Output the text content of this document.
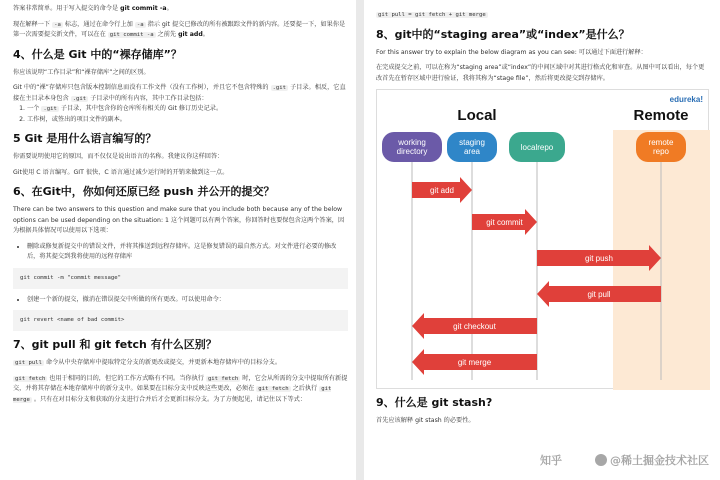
答案非常简单。用于写入提交的命令是 git commit -a。

现在解释一下 -a 标志，通过在命令行上加 -a 指示 git 提交已修改的所有被跟踪文件的新内容。还要提一下，如果你是第一次需要提交新文件，可以在在 git commit -a 之前先 git add。

4、什么是 Git 中的“裸存储库”？

你应该说明“工作目录”和“裸存储库”之间的区别。

Git 中的“裸”存储库只包含版本控制信息而没有工作文件（没有工作树），并且它不包含特殊的 .git 子目录。相反，它直接在主目录本身包含 .git 子目录中的所有内容，其中工作目录包括：

1. 一个 .git 子目录，其中包含你的仓库所有相关的 Git 修订历史记录。
2. 工作树，或签出的项目文件的副本。
5 Git 是用什么语言编写的？

你需要说明使用它的原因，而不仅仅是说出语言的名称。我建议你这样回答：

Git使用 C 语言编写。GIT 很快，C 语言通过减少运行时的开销来做到这一点。

6、在Git中，你如何还原已经 push 并公开的提交？

There can be two answers to this question and make sure that you include both because any of the below options can be used depending on the situation: 1 这个问题可以有两个答案，你回答时也要保包含这两个答案，因为根据具体情况可以使用以下选项：

• 删除或修复新提交中的错误文件，并将其推送到远程存储库。这是修复错误的最自然方式。对文件进行必要的修改后，将其提交到我将使用的远程存储库
git commit -m "commit message"
• 创建一个新的提交，撤消在错误提交中所做的所有更改。可以使用命令：
git revert <name of bad commit>
7、git pull 和 git fetch 有什么区别？

git pull 命令从中央存储库中提取特定分支的新更改或提交，并更新本地存储库中的目标分支。

git fetch 也用于相同的目的，但它的工作方式略有不同。当你执行 git fetch 时，它会从所需的分支中提取所有新提交，并将其存储在本地存储库中的新分支中。如果要在目标分支中反映这些更改，必须在 git fetch 之后执行 git merge 。只有在对目标分支和获取的分支进行合并后才会更新目标分支。为了方便起见，请记住以下等式：

git pull = git fetch + git merge

8、git中的“staging area”或“index”是什么？

For this answer try to explain the below diagram as you can see: 可以通过下面进行解释：

在完成提交之前，可以在称为“staging area”或“index”的中间区域中对其进行格式化和审查。从图中可以看出，每个更改首先在暂存区域中进行验证，我将其称为“stage file”，然后将更改提交到存储库。

edureka!
Local	Remote
working
directory
staging
area	localrepo
remote
repo
git add
git commit
git push
git pull
git checkout
git merge
9、什么是 git stash?

首先应该解释 git stash 的必要性。

知乎	@稀土掘金技术社区
